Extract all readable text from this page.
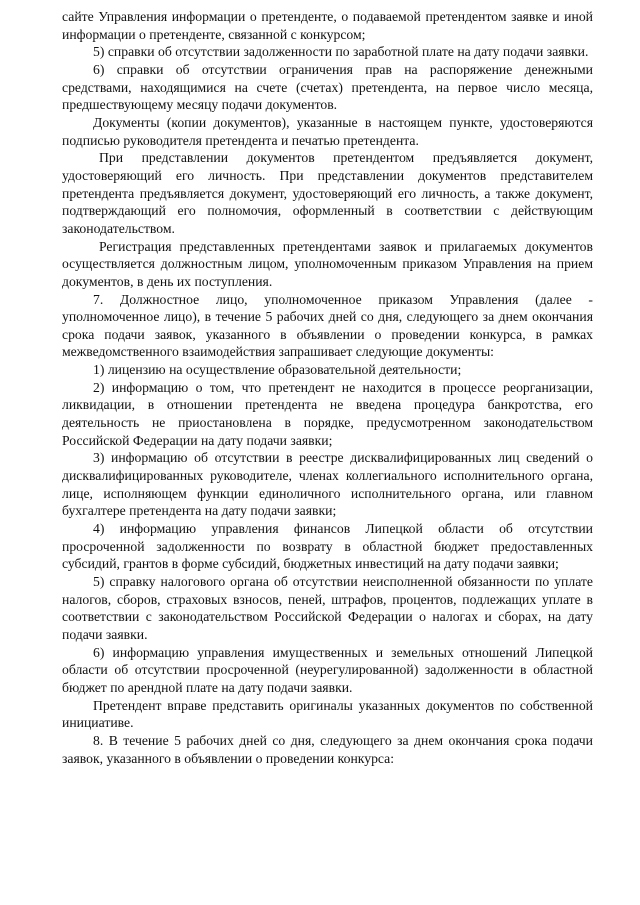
сайте Управления информации о претенденте, о подаваемой претендентом заявке и иной информации о претенденте, связанной с конкурсом;

5) справки об отсутствии задолженности по заработной плате на дату подачи заявки.

6) справки об отсутствии ограничения прав на распоряжение денежными средствами, находящимися на счете (счетах) претендента, на первое число месяца, предшествующему месяцу подачи документов.

Документы (копии документов), указанные в настоящем пункте, удостоверяются подписью руководителя претендента и печатью претендента.

При представлении документов претендентом предъявляется документ, удостоверяющий его личность. При представлении документов представителем претендента предъявляется документ, удостоверяющий его личность, а также документ, подтверждающий его полномочия, оформленный в соответствии с действующим законодательством.

Регистрация представленных претендентами заявок и прилагаемых документов осуществляется должностным лицом, уполномоченным приказом Управления на прием документов, в день их поступления.

7. Должностное лицо, уполномоченное приказом Управления (далее - уполномоченное лицо), в течение 5 рабочих дней со дня, следующего за днем окончания срока подачи заявок, указанного в объявлении о проведении конкурса, в рамках межведомственного взаимодействия запрашивает следующие документы:

1) лицензию на осуществление образовательной деятельности;

2) информацию о том, что претендент не находится в процессе реорганизации, ликвидации, в отношении претендента не введена процедура банкротства, его деятельность не приостановлена в порядке, предусмотренном законодательством Российской Федерации на дату подачи заявки;

3) информацию об отсутствии в реестре дисквалифицированных лиц сведений о дисквалифицированных руководителе, членах коллегиального исполнительного органа, лице, исполняющем функции единоличного исполнительного органа, или главном бухгалтере претендента на дату подачи заявки;

4) информацию управления финансов Липецкой области об отсутствии просроченной задолженности по возврату в областной бюджет предоставленных субсидий, грантов в форме субсидий, бюджетных инвестиций на дату подачи заявки;

5) справку налогового органа об отсутствии неисполненной обязанности по уплате налогов, сборов, страховых взносов, пеней, штрафов, процентов, подлежащих уплате в соответствии с законодательством Российской Федерации о налогах и сборах, на дату подачи заявки.

6) информацию управления имущественных и земельных отношений Липецкой области об отсутствии просроченной (неурегулированной) задолженности в областной бюджет по арендной плате на дату подачи заявки.

Претендент вправе представить оригиналы указанных документов по собственной инициативе.

8. В течение 5 рабочих дней со дня, следующего за днем окончания срока подачи заявок, указанного в объявлении о проведении конкурса:
